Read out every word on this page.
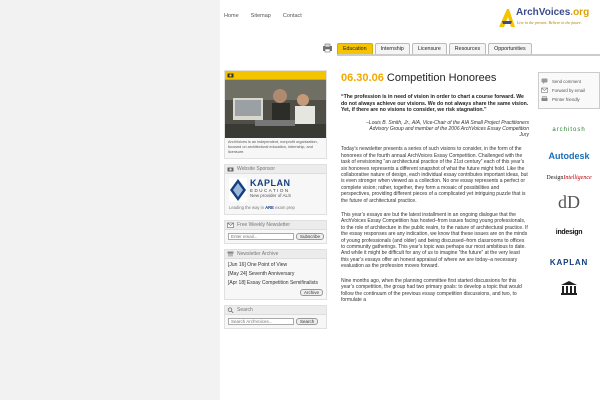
Home Sitemap Contact	ArchVoices.org
Live in the present. Believe in the future.
Education	Internship	Licensure	Resources	Opportunities
ArchVoices is an independent, nonprofit organization, focused on architectural education, internship, and licensure.
Website Sponsor
KAPLAN
EDUCATION
New provider of ALS
Leading the way in ARE exam prep
Free Weekly Newsletter
Enter email...
Subscribe
Newsletter Archive
[Jun 16] One Point of View
[May 24] Seventh Anniversary
[Apr 18] Essay Competition Semifinalists
Archive
Search
Search ArchVoices...
Search
06.30.06 Competition Honorees
“The profession is in need of vision in order to chart a course forward. We do not always achieve our visions. We do not always share the same vision. Yet, if there are no visions to consider, we risk stagnation.”
–Louis B. Smith, Jr., AIA, Vice-Chair of the AIA Small Project Practitioners Advisory Group and member of the 2006 ArchVoices Essay Competition Jury
Today’s newsletter presents a series of such visions to consider, in the form of the honorees of the fourth annual ArchVoices Essay Competition. Challenged with the task of envisioning “an architectural practice of the 21st century” each of this year’s six honorees represents a different snapshot of what the future might hold. Like the collaborative nature of design, each individual essay contributes important ideas, but is even stronger when viewed as a collection. No one essay represents a perfect or complete vision; rather, together, they form a mosaic of possibilities and perspectives, providing different pieces of a complicated yet intriguing puzzle that is the future of architectural practice.
This year’s essays are but the latest installment in an ongoing dialogue that the ArchVoices Essay Competition has hosted–from issues facing young professionals, to the role of architecture in the public realm, to the nature of architectural practice. If the essay responses are any indication, we know that these issues are on the minds of young professionals (and older) and being discussed–from classrooms to offices to community gatherings. This year’s topic was perhaps our most ambitious to date. And while it might be difficult for any of us to imagine “the future” at the very least this year’s essays offer an honest appraisal of where we are today–a necessary evaluation as the profession moves forward.
Nine months ago, when the planning committee first started discussions for this year’s competition, the group had two primary goals: to develop a topic that would follow the continuum of the previous essay competition discussions, and two, to formulate a
Send comment
Forward by email
Printer friendly
architosh
Autodesk
DesignIntelligence
dD
indesign
KAPLAN
